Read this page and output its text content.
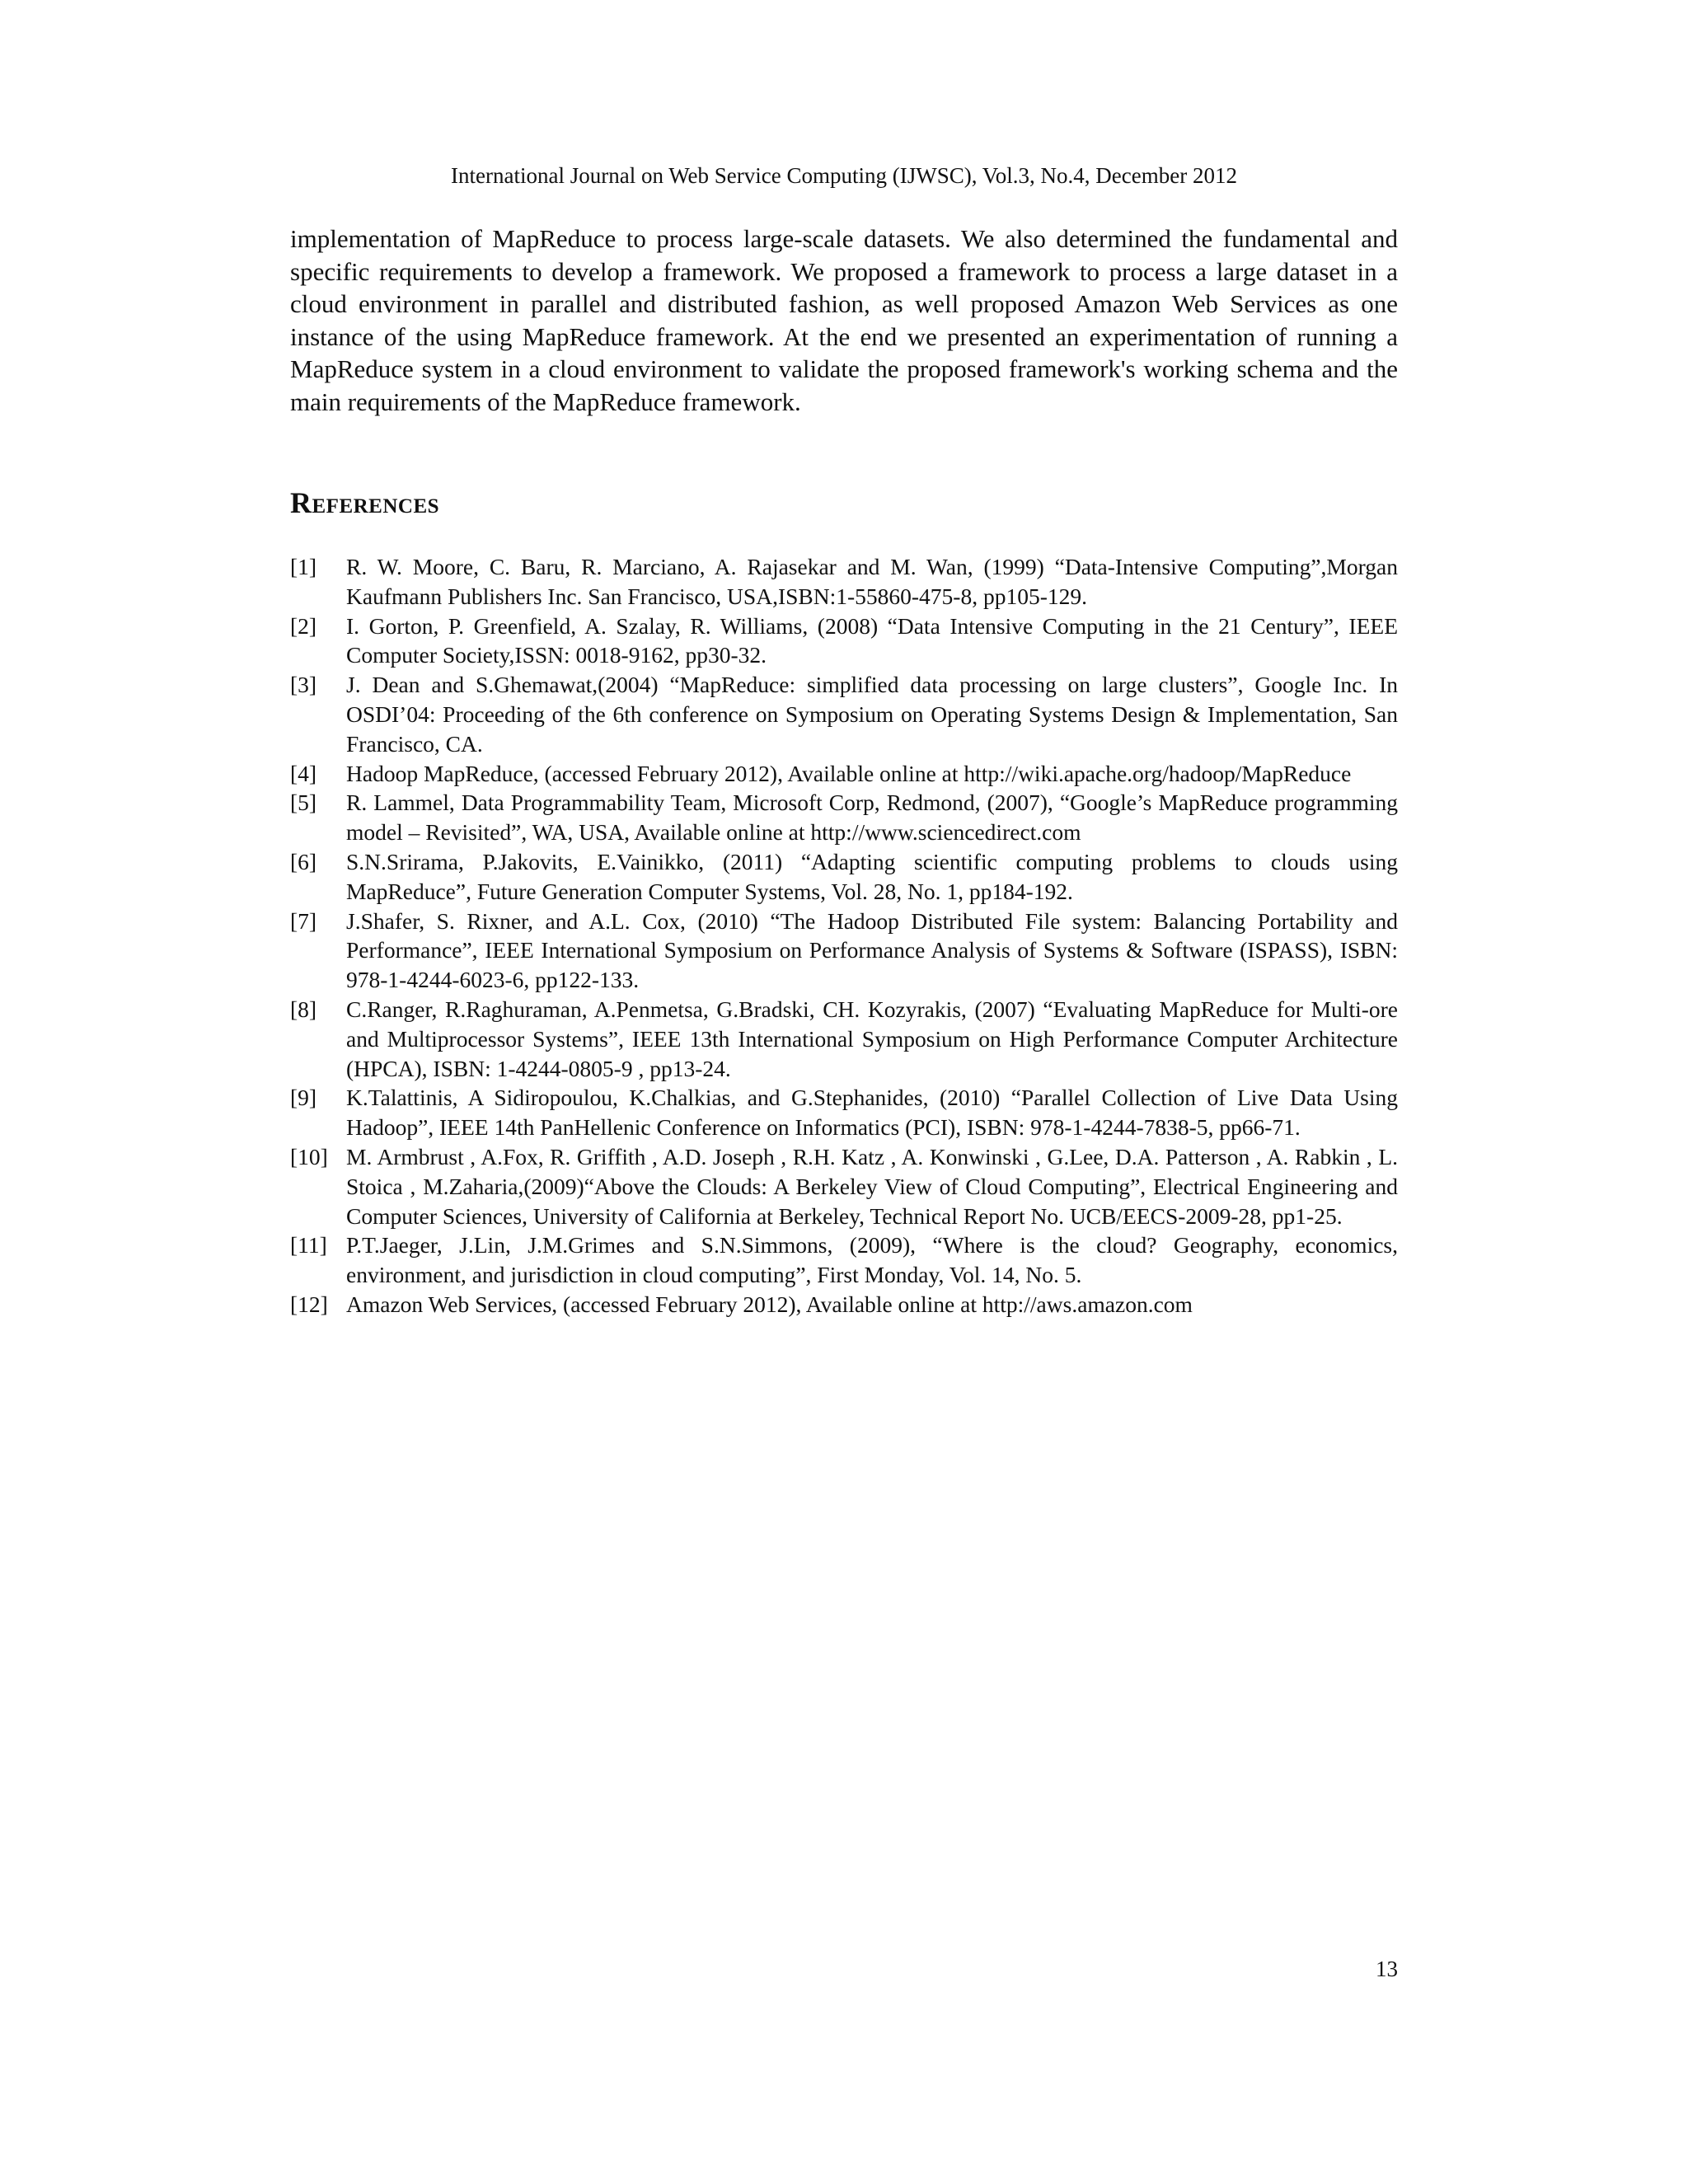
International Journal on Web Service Computing (IJWSC), Vol.3, No.4, December 2012

implementation of MapReduce to process large-scale datasets. We also determined the fundamental and specific requirements to develop a framework. We proposed a framework to process a large dataset in a cloud environment in parallel and distributed fashion, as well proposed Amazon Web Services as one instance of the using MapReduce framework. At the end we presented an experimentation of running a MapReduce system in a cloud environment to validate the proposed framework's working schema and the main requirements of the MapReduce framework.

References
[1]	R. W. Moore, C. Baru, R. Marciano, A. Rajasekar and M. Wan, (1999) “Data-Intensive Computing”,Morgan Kaufmann Publishers Inc. San Francisco, USA,ISBN:1-55860-475-8, pp105-129.
[2]	I. Gorton, P. Greenfield, A. Szalay, R. Williams, (2008) “Data Intensive Computing in the 21 Century”, IEEE Computer Society,ISSN: 0018-9162, pp30-32.
[3]	J. Dean and S.Ghemawat,(2004) “MapReduce: simplified data processing on large clusters”, Google Inc. In OSDI’04: Proceeding of the 6th conference on Symposium on Operating Systems Design & Implementation, San Francisco, CA.
[4]	Hadoop MapReduce, (accessed February 2012), Available online at http://wiki.apache.org/hadoop/MapReduce
[5]	R. Lammel, Data Programmability Team, Microsoft Corp, Redmond, (2007), “Google’s MapReduce programming model – Revisited”, WA, USA, Available online at http://www.sciencedirect.com
[6]	S.N.Srirama, P.Jakovits, E.Vainikko, (2011) “Adapting scientific computing problems to clouds using MapReduce”, Future Generation Computer Systems, Vol. 28, No. 1, pp184-192.
[7]	J.Shafer, S. Rixner, and A.L. Cox, (2010) “The Hadoop Distributed File system: Balancing Portability and Performance”, IEEE International Symposium on Performance Analysis of Systems & Software (ISPASS), ISBN: 978-1-4244-6023-6, pp122-133.
[8]	C.Ranger, R.Raghuraman, A.Penmetsa, G.Bradski, CH. Kozyrakis, (2007) “Evaluating MapReduce for Multi-ore and Multiprocessor Systems”, IEEE 13th International Symposium on High Performance Computer Architecture (HPCA), ISBN: 1-4244-0805-9 , pp13-24.
[9]	K.Talattinis, A Sidiropoulou, K.Chalkias, and G.Stephanides, (2010) “Parallel Collection of Live Data Using Hadoop”, IEEE 14th PanHellenic Conference on Informatics (PCI), ISBN: 978-1-4244-7838-5, pp66-71.
[10] M. Armbrust , A.Fox, R. Griffith , A.D. Joseph , R.H. Katz , A. Konwinski , G.Lee, D.A. Patterson , A. Rabkin , L. Stoica , M.Zaharia,(2009)“Above the Clouds: A Berkeley View of Cloud Computing”, Electrical Engineering and Computer Sciences, University of California at Berkeley, Technical Report No. UCB/EECS-2009-28, pp1-25.
[11] P.T.Jaeger, J.Lin, J.M.Grimes and S.N.Simmons, (2009), “Where is the cloud? Geography, economics, environment, and jurisdiction in cloud computing”, First Monday, Vol. 14, No. 5.
[12] Amazon Web Services, (accessed February 2012), Available online at http://aws.amazon.com
13
